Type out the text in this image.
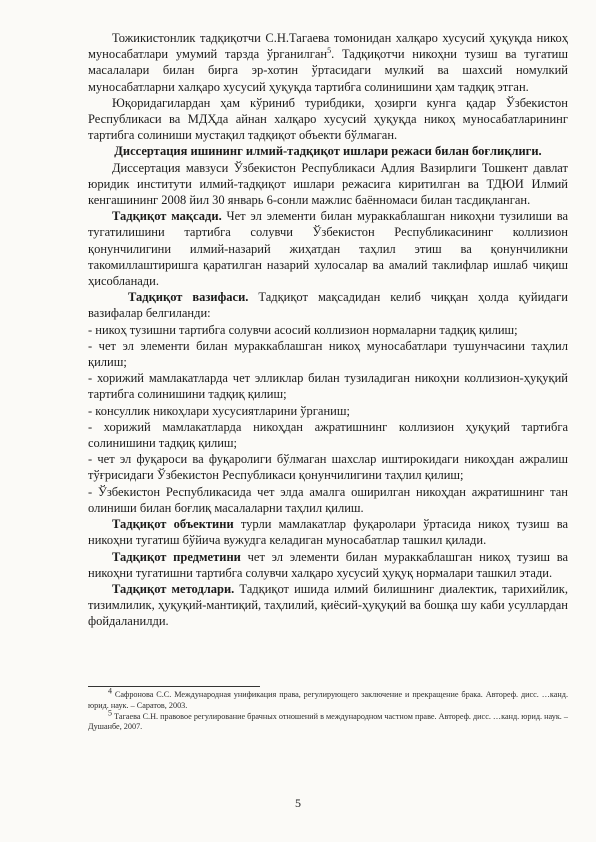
Тожикистонлик тадқиқотчи С.Н.Тагаева томонидан халқаро хусусий ҳуқуқда никоҳ муносабатлари умумий тарзда ўрганилган$^5$. Тадқиқотчи никоҳни тузиш ва тугатиш масалалари билан бирга эр-хотин ўртасидаги мулкий ва шахсий номулкий муносабатларни халқаро хусусий ҳуқуқда тартибга солинишини ҳам тадқиқ этган.

Юқоридагилардан ҳам кўриниб турибдики, ҳозирги кунга қадар Ўзбекистон Республикаси ва МДҲда айнан халқаро хусусий ҳуқуқда никоҳ муносабатларининг тартибга солиниши мустақил тадқиқот объекти бўлмаган.

Диссертация ишининг илмий-тадқиқот ишлари режаси билан боғлиқлиги.

Диссертация мавзуси Ўзбекистон Республикаси Адлия Вазирлиги Тошкент давлат юридик институти илмий-тадқиқот ишлари режасига киритилган ва ТДЮИ Илмий кенгашининг 2008 йил 30 январь 6-сонли мажлис баённомаси билан тасдиқланган.

Тадқиқот мақсади. Чет эл элементи билан мураккаблашган никоҳни тузилиши ва тугатилишини тартибга солувчи Ўзбекистон Республикасининг коллизион қонунчилигини илмий-назарий жиҳатдан таҳлил этиш ва қонунчиликни такомиллаштиришга қаратилган назарий хулосалар ва амалий таклифлар ишлаб чиқиш ҳисобланади.

Тадқиқот вазифаси. Тадқиқот мақсадидан келиб чиққан ҳолда қуйидаги вазифалар белгиланди:

- никоҳ тузишни тартибга солувчи асосий коллизион нормаларни тадқиқ қилиш;

- чет эл элементи билан мураккаблашган никоҳ муносабатлари тушунчасини таҳлил қилиш;

- хорижий мамлакатларда чет элликлар билан тузиладиган никоҳни коллизион-ҳуқуқий тартибга солинишини тадқиқ қилиш;

- консуллик никоҳлари хусусиятларини ўрганиш;

- хорижий мамлакатларда никоҳдан ажратишнинг коллизион ҳуқуқий тартибга солинишини тадқиқ қилиш;

- чет эл фуқароси ва фуқаролиги бўлмаган шахслар иштирокидаги никоҳдан ажралиш тўғрисидаги Ўзбекистон Республикаси қонунчилигини таҳлил қилиш;

- Ўзбекистон Республикасида чет элда амалга оширилган никоҳдан ажратишнинг тан олиниши билан боғлиқ масалаларни таҳлил қилиш.

Тадқиқот объектини турли мамлакатлар фуқаролари ўртасида никоҳ тузиш ва никоҳни тугатиш бўйича вужудга келадиган муносабатлар ташкил қилади.

Тадқиқот предметини чет эл элементи билан мураккаблашган никоҳ тузиш ва никоҳни тугатишни тартибга солувчи халқаро хусусий ҳуқуқ нормалари ташкил этади.

Тадқиқот методлари. Тадқиқот ишида илмий билишнинг диалектик, тарихийлик, тизимлилик, ҳуқуқий-мантиқий, таҳлилий, қиёсий-ҳуқуқий ва бошқа шу каби усуллардан фойдаланилди.

$^4$ Сафронова С.С. Международная унификация права, регулирующего заключение и прекращение брака. Автореф. дисс. …канд. юрид. наук. – Саратов, 2003.

$^5$ Тагаева С.Н. правовое регулирование брачных отношений в международном частном праве. Автореф. дисс. …канд. юрид. наук. – Душанбе, 2007.

5
